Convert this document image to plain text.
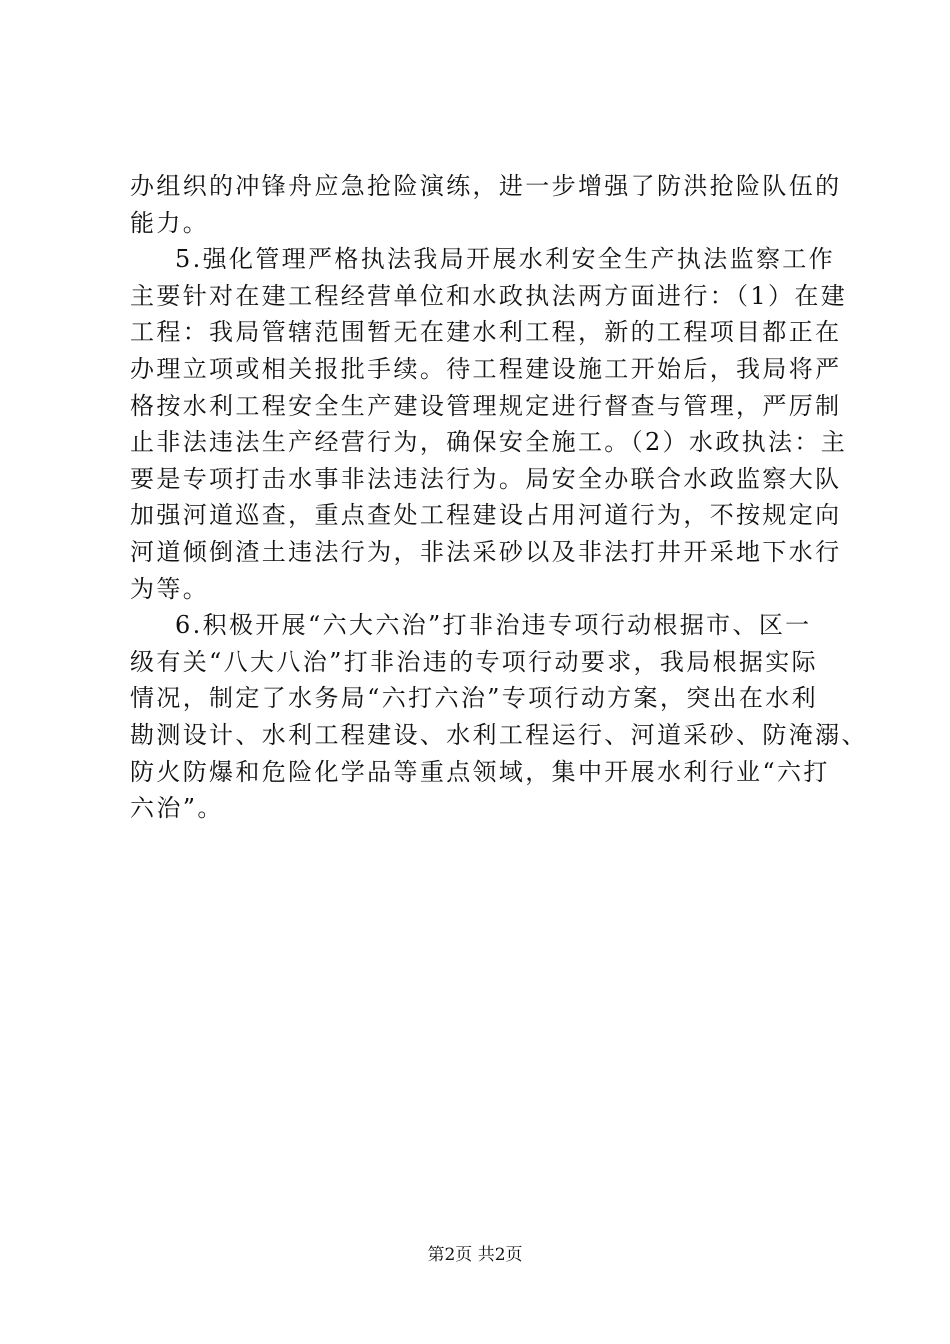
办组织的冲锋舟应急抢险演练，进一步增强了防洪抢险队伍的
能力。
5.强化管理严格执法我局开展水利安全生产执法监察工作
主要针对在建工程经营单位和水政执法两方面进行：（1）在建
工程：我局管辖范围暂无在建水利工程，新的工程项目都正在
办理立项或相关报批手续。待工程建设施工开始后，我局将严
格按水利工程安全生产建设管理规定进行督查与管理，严厉制
止非法违法生产经营行为，确保安全施工。（2）水政执法：主
要是专项打击水事非法违法行为。局安全办联合水政监察大队
加强河道巡查，重点查处工程建设占用河道行为，不按规定向
河道倾倒渣土违法行为，非法采砂以及非法打井开采地下水行
为等。
6.积极开展“六大六治”打非治违专项行动根据市、区一
级有关“八大八治”打非治违的专项行动要求，我局根据实际
情况，制定了水务局“六打六治”专项行动方案，突出在水利
勘测设计、水利工程建设、水利工程运行、河道采砂、防淹溺、
防火防爆和危险化学品等重点领域，集中开展水利行业“六打
六治”。
第2页 共2页
